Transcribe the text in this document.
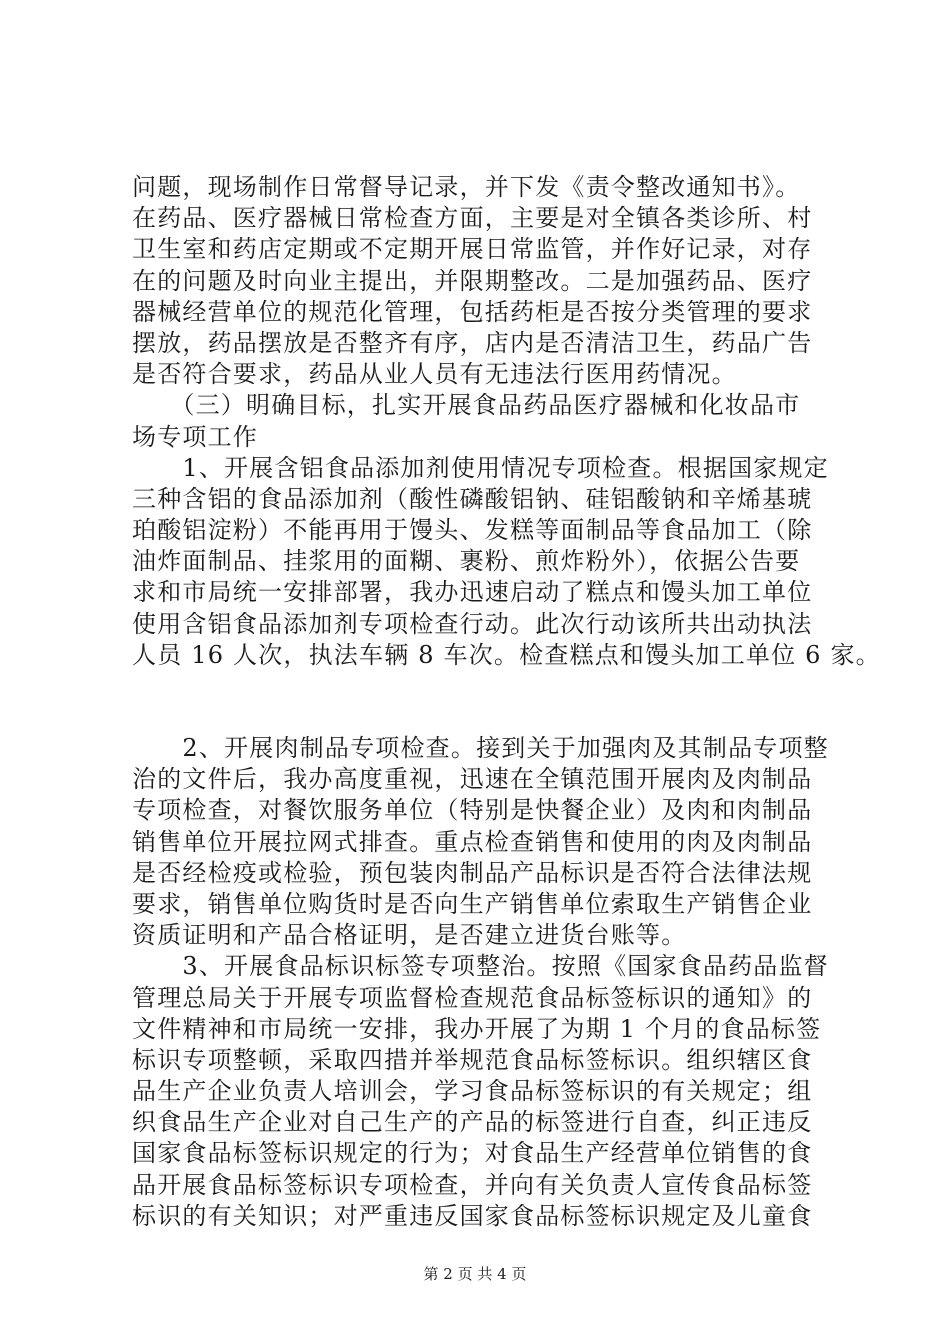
问题，现场制作日常督导记录，并下发《责令整改通知书》。
在药品、医疗器械日常检查方面，主要是对全镇各类诊所、村
卫生室和药店定期或不定期开展日常监管，并作好记录，对存
在的问题及时向业主提出，并限期整改。二是加强药品、医疗
器械经营单位的规范化管理，包括药柜是否按分类管理的要求
摆放，药品摆放是否整齐有序，店内是否清洁卫生，药品广告
是否符合要求，药品从业人员有无违法行医用药情况。
　　（三）明确目标，扎实开展食品药品医疗器械和化妆品市
场专项工作
　　1、开展含铝食品添加剂使用情况专项检查。根据国家规定
三种含铝的食品添加剂（酸性磷酸铝钠、硅铝酸钠和辛烯基琥
珀酸铝淀粉）不能再用于馒头、发糕等面制品等食品加工（除
油炸面制品、挂浆用的面糊、裹粉、煎炸粉外），依据公告要
求和市局统一安排部署，我办迅速启动了糕点和馒头加工单位
使用含铝食品添加剂专项检查行动。此次行动该所共出动执法
人员 16 人次，执法车辆 8 车次。检查糕点和馒头加工单位 6 家。
　　2、开展肉制品专项检查。接到关于加强肉及其制品专项整
治的文件后，我办高度重视，迅速在全镇范围开展肉及肉制品
专项检查，对餐饮服务单位（特别是快餐企业）及肉和肉制品
销售单位开展拉网式排查。重点检查销售和使用的肉及肉制品
是否经检疫或检验，预包装肉制品产品标识是否符合法律法规
要求，销售单位购货时是否向生产销售单位索取生产销售企业
资质证明和产品合格证明，是否建立进货台账等。
　　3、开展食品标识标签专项整治。按照《国家食品药品监督
管理总局关于开展专项监督检查规范食品标签标识的通知》的
文件精神和市局统一安排，我办开展了为期 1 个月的食品标签
标识专项整顿，采取四措并举规范食品标签标识。组织辖区食
品生产企业负责人培训会，学习食品标签标识的有关规定；组
织食品生产企业对自己生产的产品的标签进行自查，纠正违反
国家食品标签标识规定的行为；对食品生产经营单位销售的食
品开展食品标签标识专项检查，并向有关负责人宣传食品标签
标识的有关知识；对严重违反国家食品标签标识规定及儿童食
第 2 页 共 4 页
